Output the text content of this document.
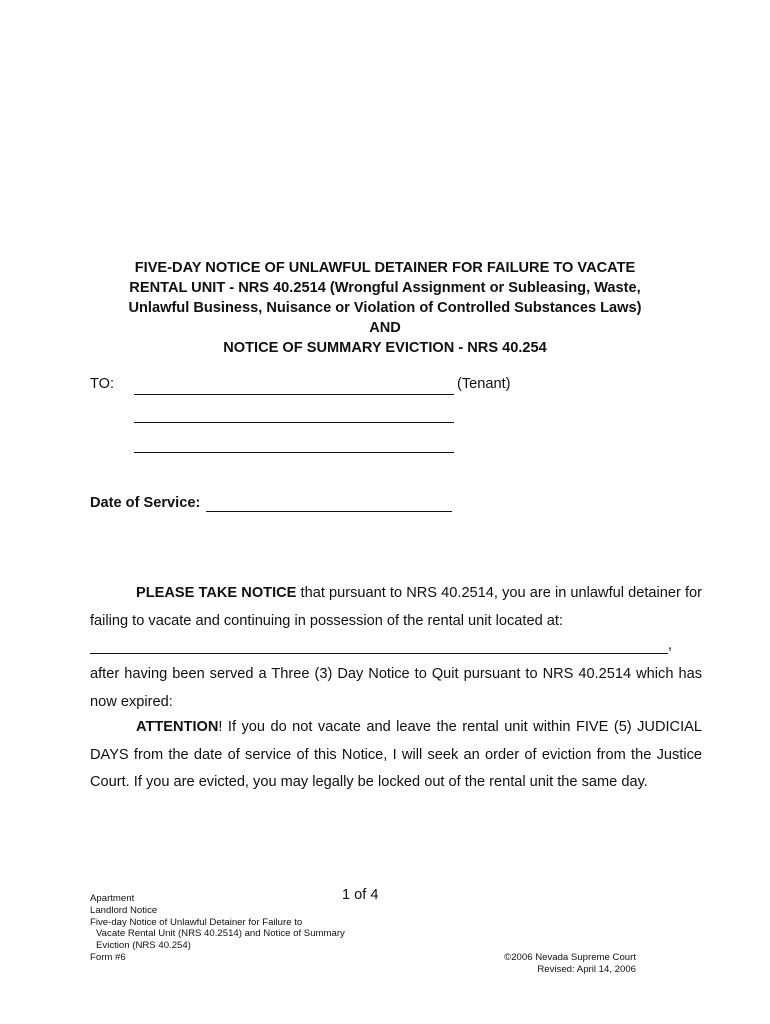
FIVE-DAY NOTICE OF UNLAWFUL DETAINER FOR FAILURE TO VACATE
RENTAL UNIT - NRS 40.2514 (Wrongful Assignment or Subleasing, Waste,
Unlawful Business, Nuisance or Violation of Controlled Substances Laws)
AND
NOTICE OF SUMMARY EVICTION - NRS 40.254
TO:	(Tenant)
Date of Service:
PLEASE TAKE NOTICE that pursuant to NRS 40.2514, you are in unlawful detainer for failing to vacate and continuing in possession of the rental unit located at:
,
after having been served a Three (3) Day Notice to Quit pursuant to NRS 40.2514 which has now expired:
ATTENTION! If you do not vacate and leave the rental unit within FIVE (5) JUDICIAL DAYS from the date of service of this Notice, I will seek an order of eviction from the Justice Court. If you are evicted, you may legally be locked out of the rental unit the same day.
1 of 4
Apartment
Landlord Notice
Five-day Notice of Unlawful Detainer for Failure to
Vacate Rental Unit (NRS 40.2514) and Notice of Summary
Eviction (NRS 40.254)
Form #6	©2006 Nevada Supreme Court
Revised: April 14, 2006
